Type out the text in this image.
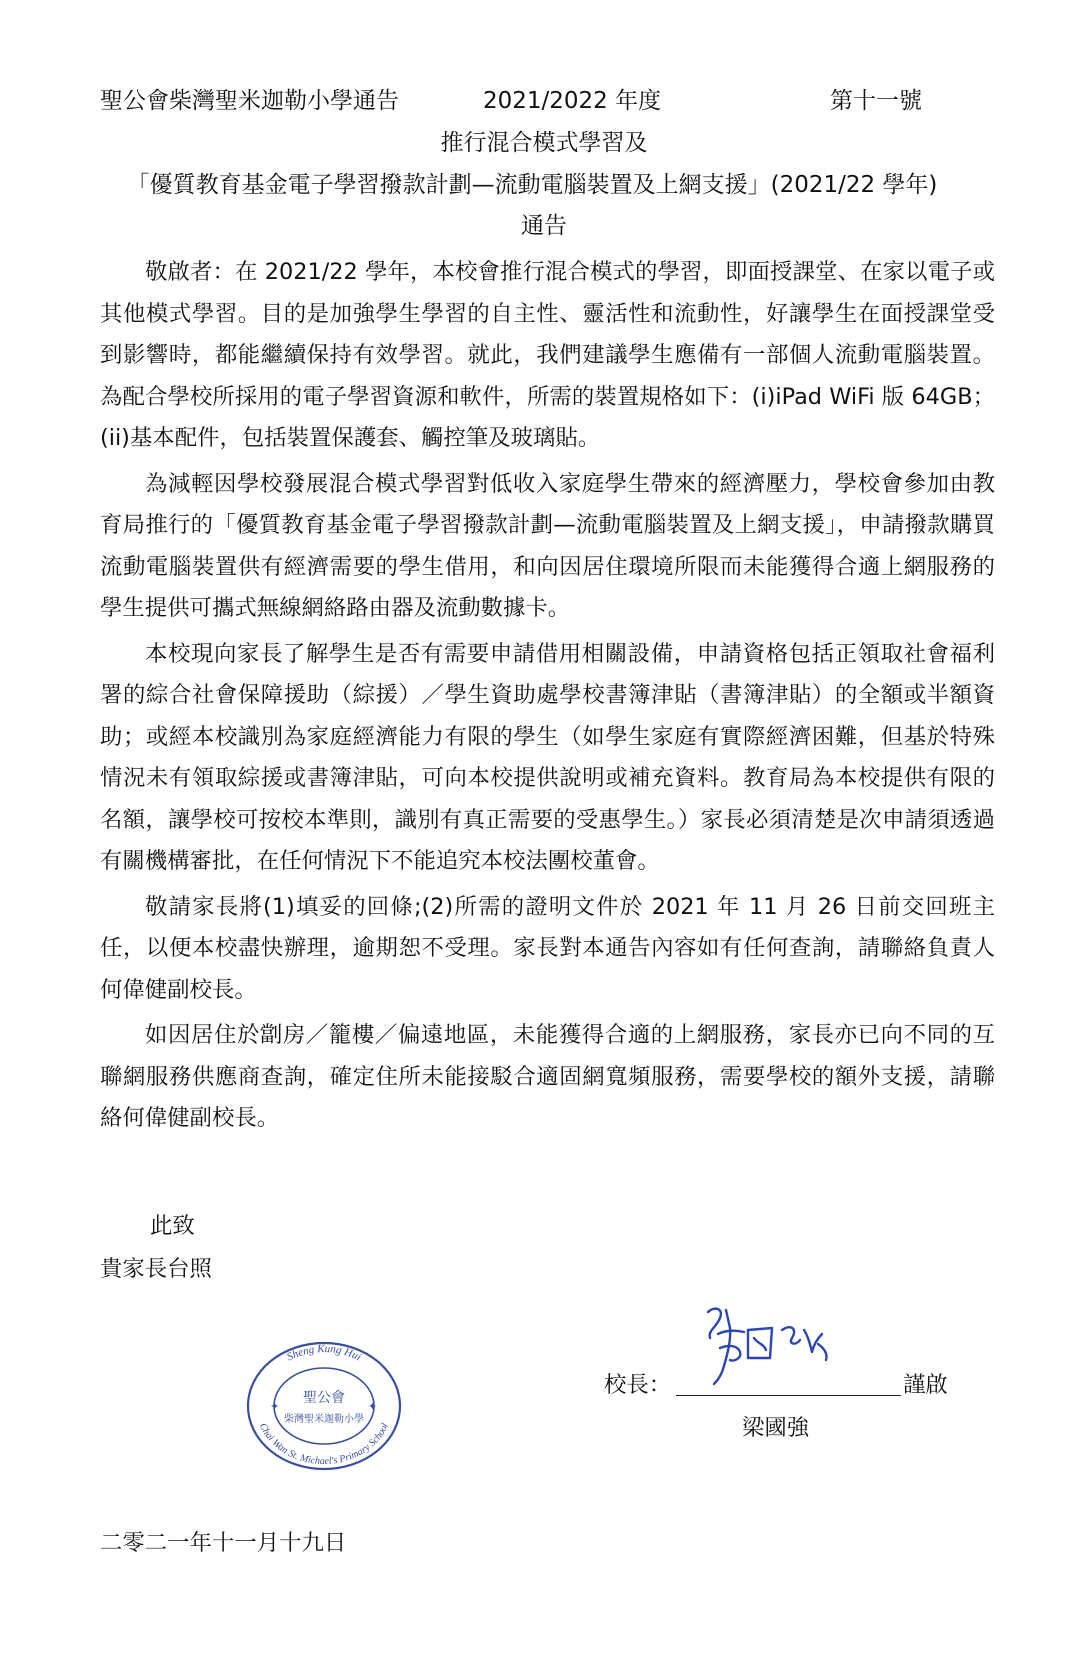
聖公會柴灣聖米迦勒小學通告	2021/2022 年度	第十一號
推行混合模式學習及
「優質教育基金電子學習撥款計劃—流動電腦裝置及上網支援」(2021/22 學年)
通告

敬啟者：在 2021/22 學年，本校會推行混合模式的學習，即面授課堂、在家以電子或其他模式學習。目的是加強學生學習的自主性、靈活性和流動性，好讓學生在面授課堂受到影響時，都能繼續保持有效學習。就此，我們建議學生應備有一部個人流動電腦裝置。為配合學校所採用的電子學習資源和軟件，所需的裝置規格如下：(i)iPad WiFi 版 64GB；(ii)基本配件，包括裝置保護套、觸控筆及玻璃貼。

為減輕因學校發展混合模式學習對低收入家庭學生帶來的經濟壓力，學校會參加由教育局推行的「優質教育基金電子學習撥款計劃—流動電腦裝置及上網支援」，申請撥款購買流動電腦裝置供有經濟需要的學生借用，和向因居住環境所限而未能獲得合適上網服務的學生提供可攜式無線網絡路由器及流動數據卡。

本校現向家長了解學生是否有需要申請借用相關設備，申請資格包括正領取社會福利署的綜合社會保障援助（綜援）／學生資助處學校書簿津貼（書簿津貼）的全額或半額資助；或經本校識別為家庭經濟能力有限的學生（如學生家庭有實際經濟困難，但基於特殊情況未有領取綜援或書簿津貼，可向本校提供說明或補充資料。教育局為本校提供有限的名額，讓學校可按校本準則，識別有真正需要的受惠學生。）家長必須清楚是次申請須透過有關機構審批，在任何情況下不能追究本校法團校董會。

敬請家長將(1)填妥的回條;(2)所需的證明文件於 2021 年 11 月 26 日前交回班主任，以便本校盡快辦理，逾期恕不受理。家長對本通告內容如有任何查詢，請聯絡負責人何偉健副校長。

如因居住於劏房／籠樓／偏遠地區，未能獲得合適的上網服務，家長亦已向不同的互聯網服務供應商查詢，確定住所未能接駁合適固網寬頻服務，需要學校的額外支援，請聯絡何偉健副校長。

此致
貴家長台照
Sheng Kung Hui
Chai Wan St. Michael's Primary School
聖公會
柴灣聖米迦勒小學
✦	✦
校長：	謹啟
梁國強
二零二一年十一月十九日
